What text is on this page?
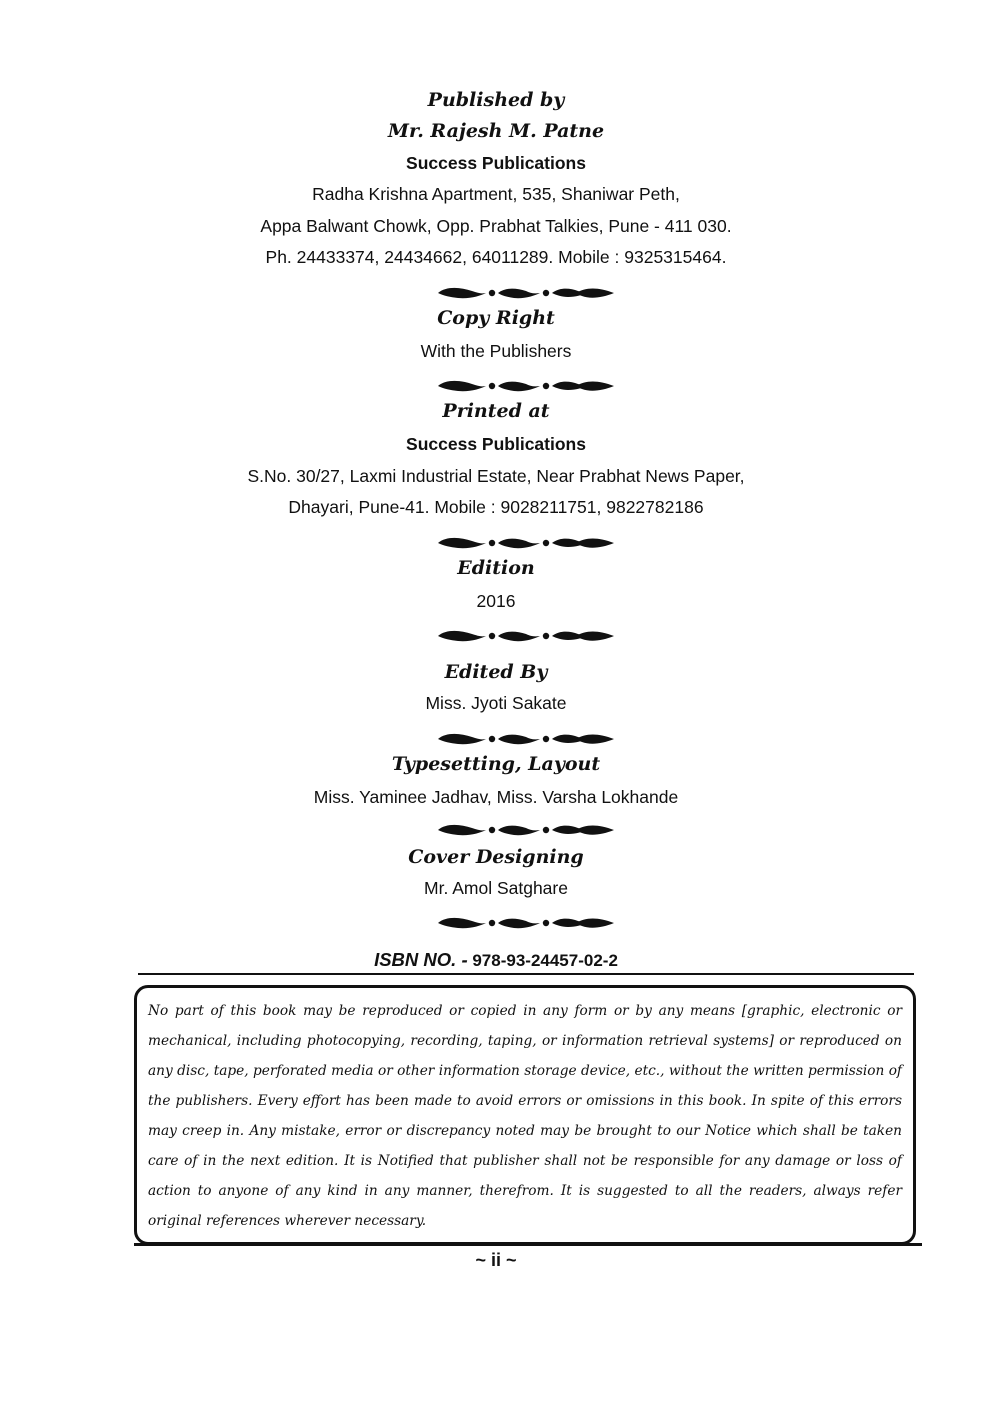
Published by
Mr. Rajesh M. Patne
Success Publications
Radha Krishna Apartment, 535, Shaniwar Peth,
Appa Balwant Chowk, Opp. Prabhat Talkies, Pune - 411 030.
Ph. 24433374, 24434662, 64011289. Mobile : 9325315464.
Copy Right
With the Publishers
Printed at
Success Publications
S.No. 30/27, Laxmi Industrial Estate, Near Prabhat News Paper,
Dhayari, Pune-41. Mobile : 9028211751, 9822782186
Edition
2016
Edited By
Miss. Jyoti Sakate
Typesetting, Layout
Miss. Yaminee Jadhav, Miss. Varsha Lokhande
Cover Designing
Mr. Amol Satghare
ISBN NO. - 978-93-24457-02-2

No part of this book may be reproduced or copied in any form or by any means [graphic, electronic or mechanical, including photocopying, recording, taping, or information retrieval systems] or reproduced on any disc, tape, perforated media or other information storage device, etc., without the written permission of the publishers. Every effort has been made to avoid errors or omissions in this book. In spite of this errors may creep in. Any mistake, error or discrepancy noted may be brought to our Notice which shall be taken care of in the next edition. It is Notified that publisher shall not be responsible for any damage or loss of action to anyone of any kind in any manner, therefrom. It is suggested to all the readers, always refer original references wherever necessary.

~ ii ~
